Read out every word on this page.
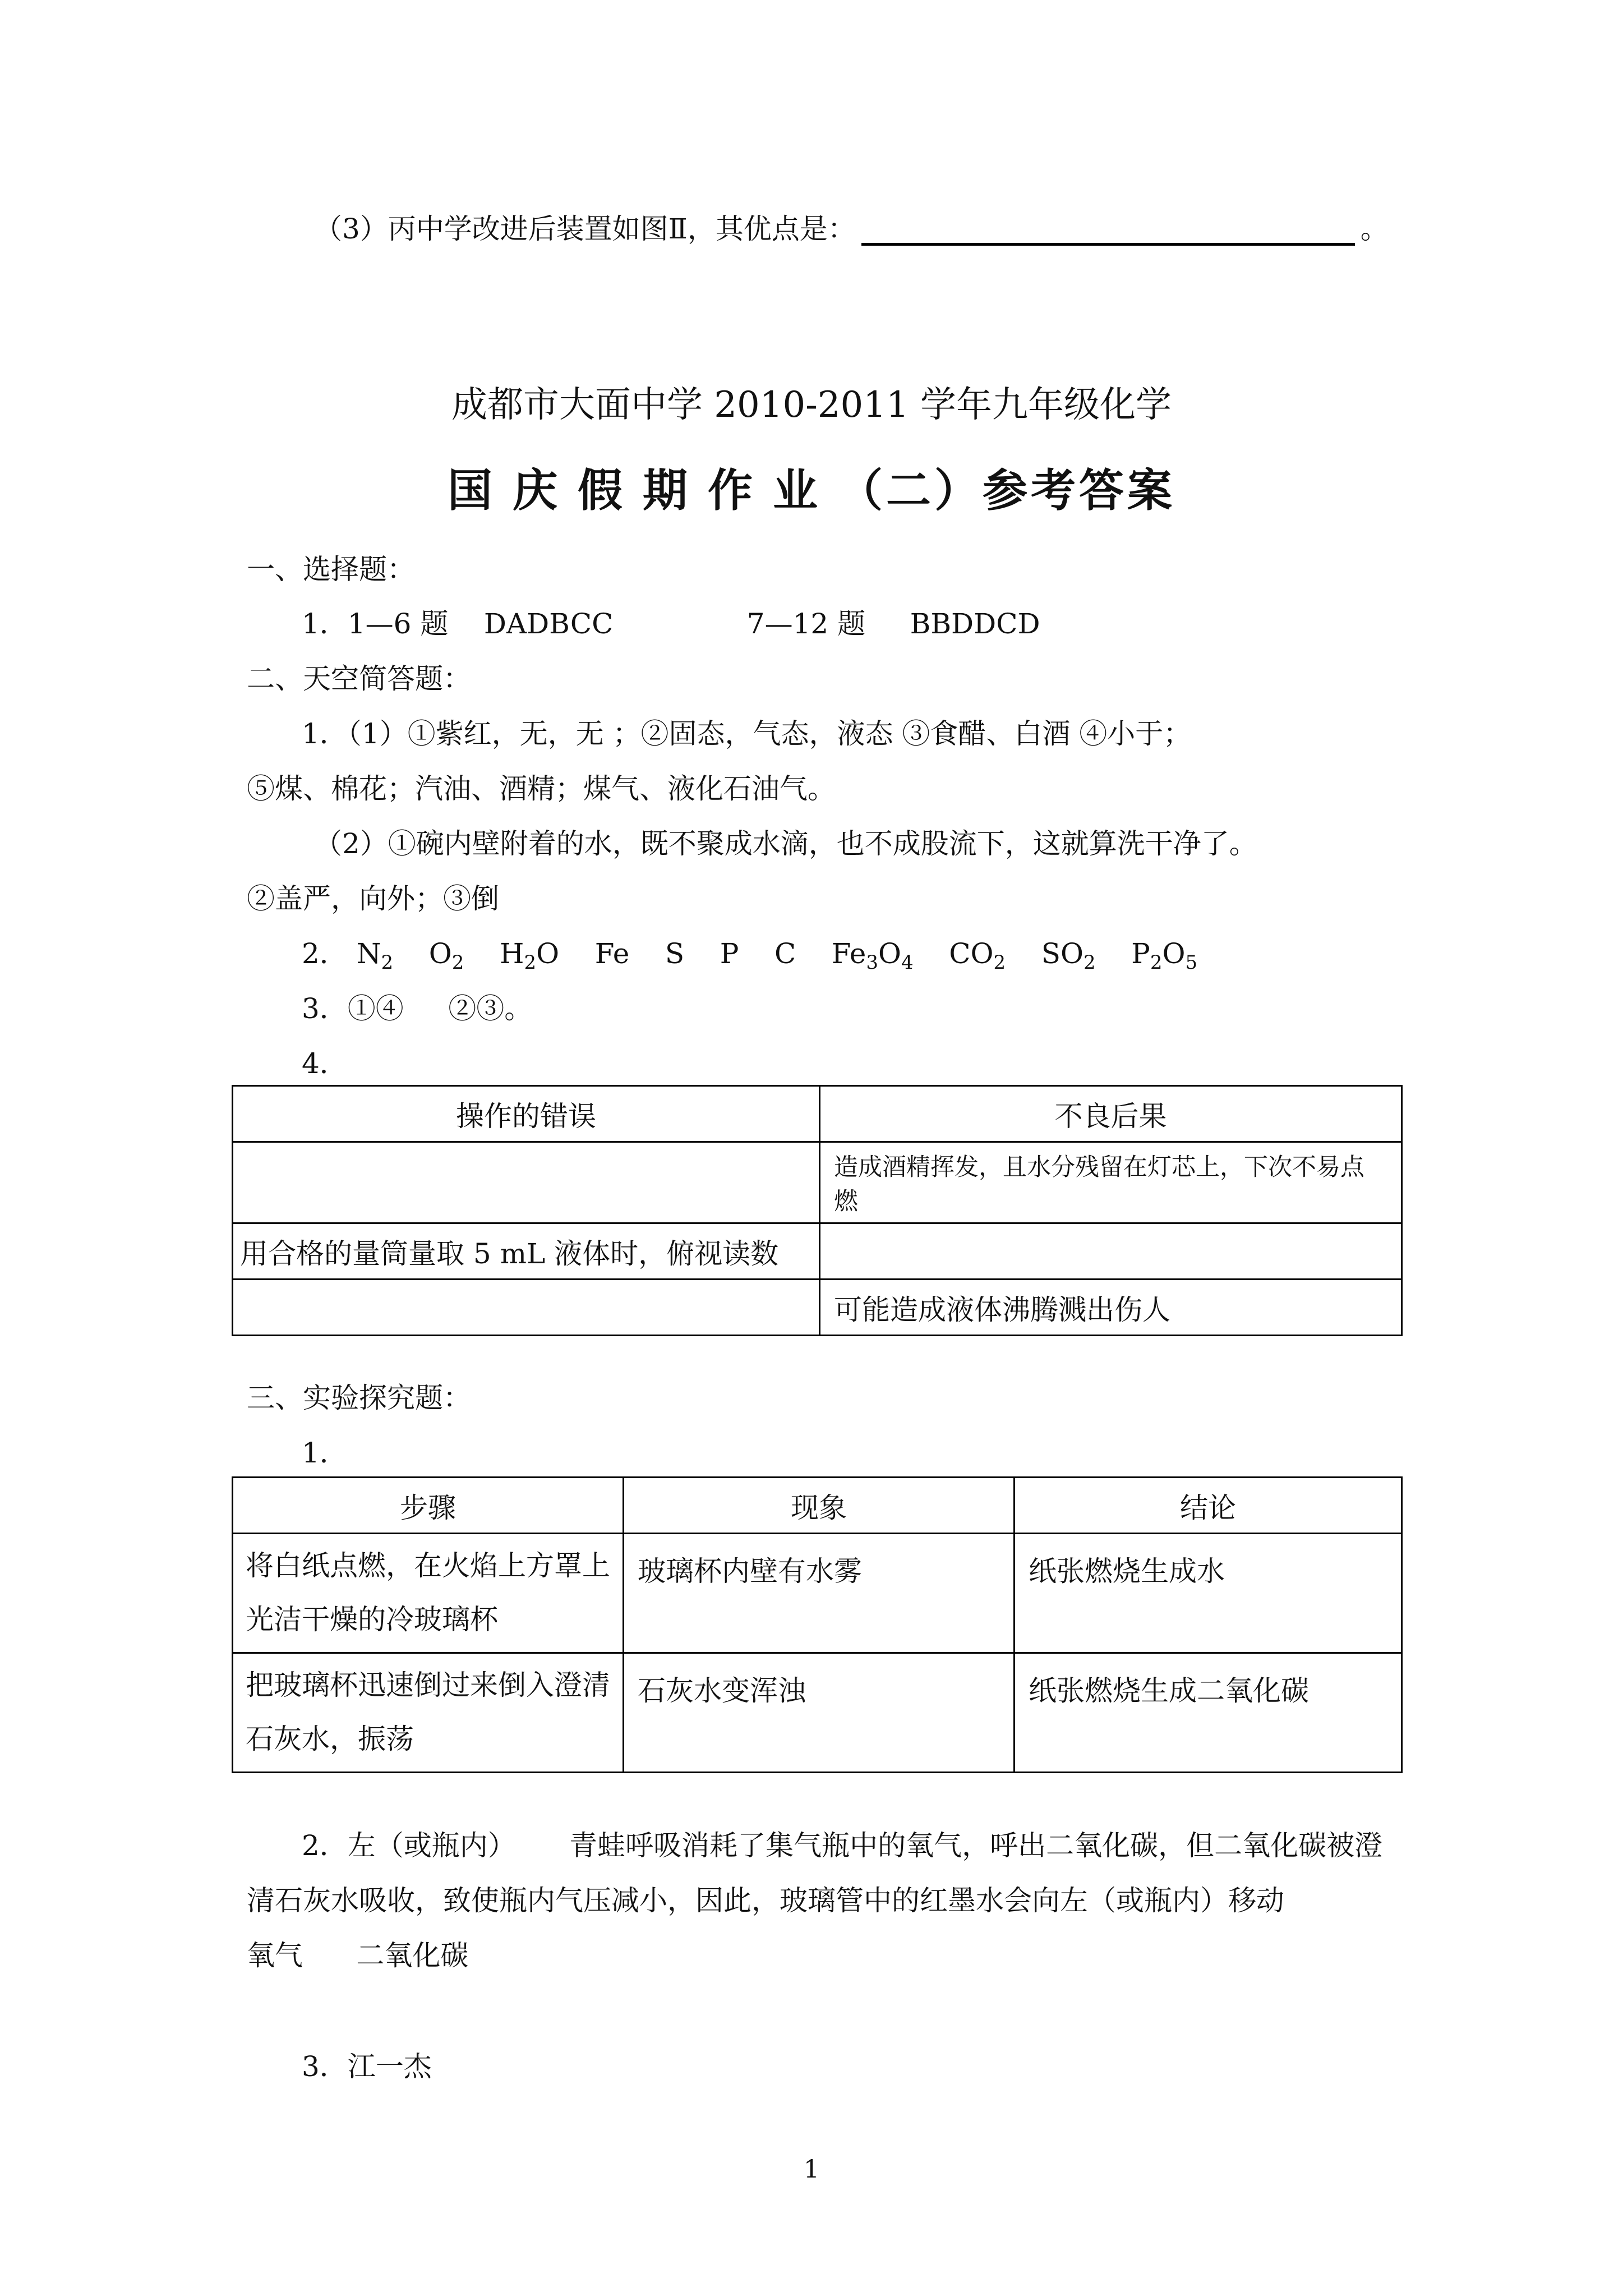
（3）丙中学改进后装置如图Ⅱ，其优点是：	。
成都市大面中学 2010-2011 学年九年级化学
国庆假期作业（二）参考答案
一、选择题：
1．1—6 题    DADBCC               7—12 题     BBDDCD
二、天空简答题：
1．（1）①紫红，无，无 ；②固态，气态，液态 ③食醋、白酒 ④小于；
⑤煤、棉花；汽油、酒精；煤气、液化石油气。
（2）①碗内壁附着的水，既不聚成水滴，也不成股流下，这就算洗干净了。
②盖严，向外；③倒
2． $N_2$ $O_2$ $H_2O$ Fe S P C $Fe_3O_4$ $CO_2$ $SO_2$ $P_2O_5$
3．①④     ②③。
4．
操作的错误	不良后果
	造成酒精挥发，且水分残留在灯芯上，下次不易点燃
用合格的量筒量取 5 mL 液体时，俯视读数	
	可能造成液体沸腾溅出伤人
三、实验探究题：
1．
步骤	现象	结论
将白纸点燃，在火焰上方罩上光洁干燥的冷玻璃杯	玻璃杯内壁有水雾	纸张燃烧生成水
把玻璃杯迅速倒过来倒入澄清石灰水，振荡	石灰水变浑浊	纸张燃烧生成二氧化碳
2．左（或瓶内）      青蛙呼吸消耗了集气瓶中的氧气，呼出二氧化碳，但二氧化碳被澄
清石灰水吸收，致使瓶内气压减小，因此，玻璃管中的红墨水会向左（或瓶内）移动
氧气      二氧化碳
3．江一杰
1
